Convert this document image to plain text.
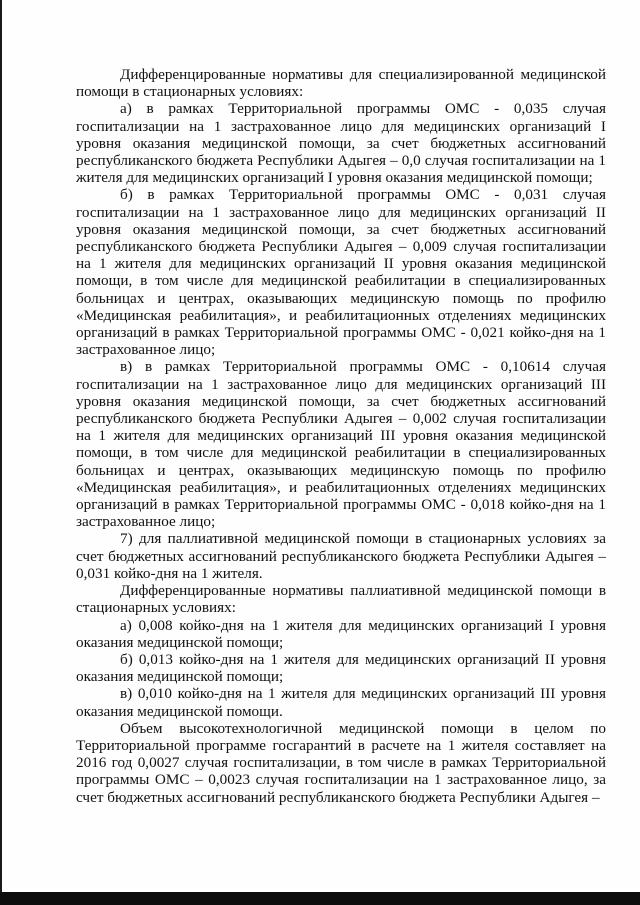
Дифференцированные нормативы для специализированной медицинской помощи в стационарных условиях:

а) в рамках Территориальной программы ОМС - 0,035 случая госпитализации на 1 застрахованное лицо для медицинских организаций I уровня оказания медицинской помощи, за счет бюджетных ассигнований республиканского бюджета Республики Адыгея – 0,0 случая госпитализации на 1 жителя для медицинских организаций I уровня оказания медицинской помощи;

б) в рамках Территориальной программы ОМС - 0,031 случая госпитализации на 1 застрахованное лицо для медицинских организаций II уровня оказания медицинской помощи, за счет бюджетных ассигнований республиканского бюджета Республики Адыгея – 0,009 случая госпитализации на 1 жителя для медицинских организаций II уровня оказания медицинской помощи, в том числе для медицинской реабилитации в специализированных больницах и центрах, оказывающих медицинскую помощь по профилю «Медицинская реабилитация», и реабилитационных отделениях медицинских организаций в рамках Территориальной программы ОМС - 0,021 койко-дня на 1 застрахованное лицо;

в) в рамках Территориальной программы ОМС - 0,10614 случая госпитализации на 1 застрахованное лицо для медицинских организаций III уровня оказания медицинской помощи, за счет бюджетных ассигнований республиканского бюджета Республики Адыгея – 0,002 случая госпитализации на 1 жителя для медицинских организаций III уровня оказания медицинской помощи, в том числе для медицинской реабилитации в специализированных больницах и центрах, оказывающих медицинскую помощь по профилю «Медицинская реабилитация», и реабилитационных отделениях медицинских организаций в рамках Территориальной программы ОМС - 0,018 койко-дня на 1 застрахованное лицо;

7) для паллиативной медицинской помощи в стационарных условиях за счет бюджетных ассигнований республиканского бюджета Республики Адыгея – 0,031 койко-дня на 1 жителя.

Дифференцированные нормативы паллиативной медицинской помощи в стационарных условиях:

а) 0,008 койко-дня на 1 жителя для медицинских организаций I уровня оказания медицинской помощи;

б) 0,013 койко-дня на 1 жителя для медицинских организаций II уровня оказания медицинской помощи;

в) 0,010 койко-дня на 1 жителя для медицинских организаций III уровня оказания медицинской помощи.

Объем высокотехнологичной медицинской помощи в целом по Территориальной программе госгарантий в расчете на 1 жителя составляет на 2016 год 0,0027 случая госпитализации, в том числе в рамках Территориальной программы ОМС – 0,0023 случая госпитализации на 1 застрахованное лицо, за счет бюджетных ассигнований республиканского бюджета Республики Адыгея –
